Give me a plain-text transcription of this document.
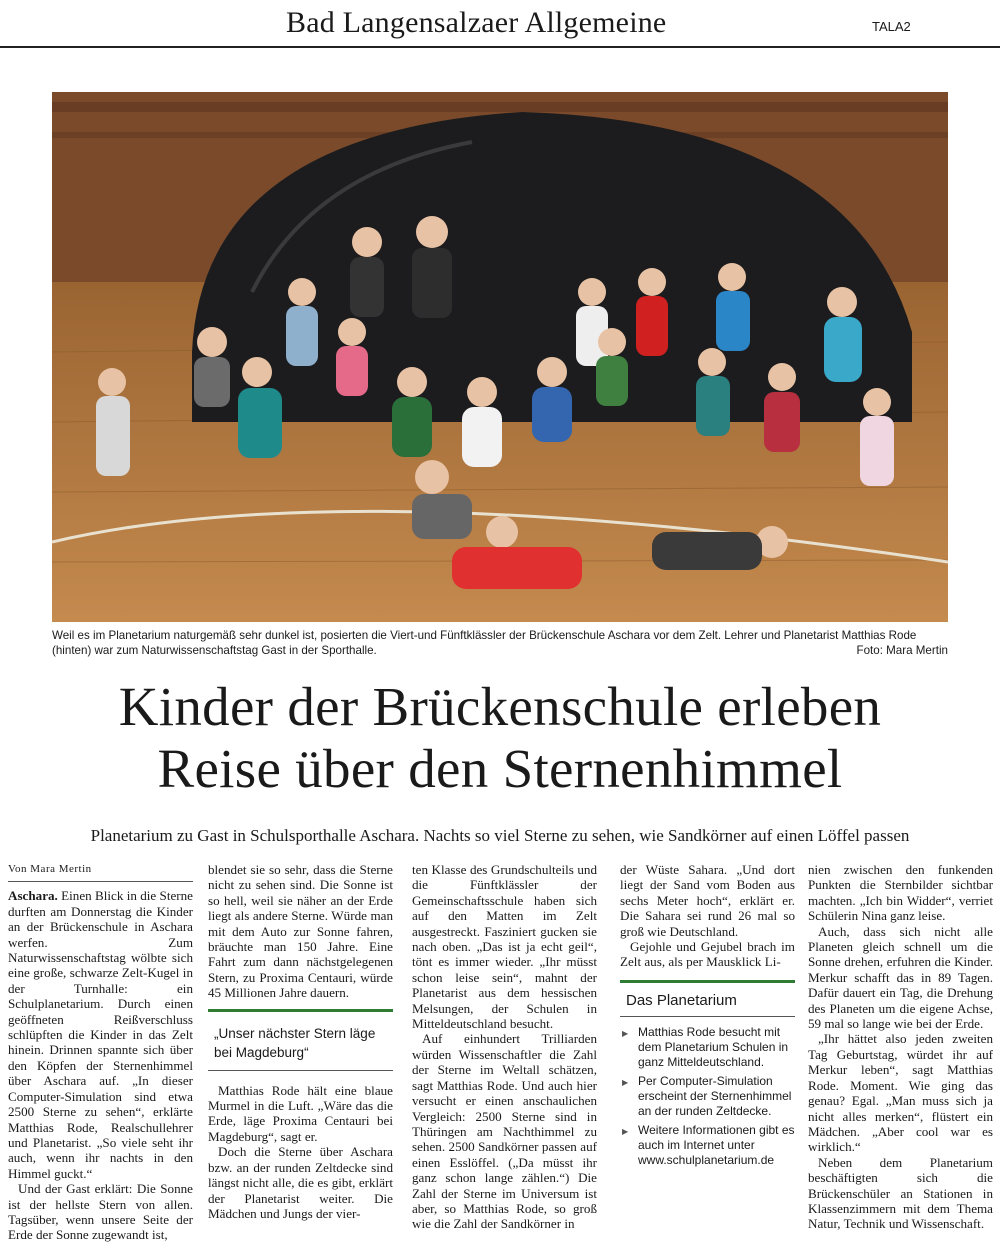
Bad Langensalzaer Allgemeine	TALA2
Weil es im Planetarium naturgemäß sehr dunkel ist, posierten die Viert-und Fünftklässler der Brückenschule Aschara vor dem Zelt. Lehrer und Planetarist Matthias Rode (hinten) war zum Naturwissenschaftstag Gast in der Sporthalle.	Foto: Mara Mertin
Kinder der Brückenschule erleben
Reise über den Sternenhimmel
Planetarium zu Gast in Schulsporthalle Aschara. Nachts so viel Sterne zu sehen, wie Sandkörner auf einen Löffel passen
Von Mara Mertin

Aschara. Einen Blick in die Sterne durften am Donnerstag die Kinder an der Brückenschule in Aschara werfen. Zum Naturwissenschaftstag wölbte sich eine große, schwarze Zelt-Kugel in der Turnhalle: ein Schulplanetarium. Durch einen geöffneten Reißverschluss schlüpften die Kinder in das Zelt hinein. Drinnen spannte sich über den Köpfen der Sternenhimmel über Aschara auf. „In dieser Computer-Simulation sind etwa 2500 Sterne zu sehen“, erklärte Matthias Rode, Realschullehrer und Planetarist. „So viele seht ihr auch, wenn ihr nachts in den Himmel guckt.“

Und der Gast erklärt: Die Sonne ist der hellste Stern von allen. Tagsüber, wenn unsere Seite der Erde der Sonne zugewandt ist,

blendet sie so sehr, dass die Sterne nicht zu sehen sind. Die Sonne ist so hell, weil sie näher an der Erde liegt als andere Sterne. Würde man mit dem Auto zur Sonne fahren, bräuchte man 150 Jahre. Eine Fahrt zum dann nächstgelegenen Stern, zu Proxima Centauri, würde 45 Millionen Jahre dauern.

„Unser nächster Stern läge bei Magdeburg“

Matthias Rode hält eine blaue Murmel in die Luft. „Wäre das die Erde, läge Proxima Centauri bei Magdeburg“, sagt er.

Doch die Sterne über Aschara bzw. an der runden Zeltdecke sind längst nicht alle, die es gibt, erklärt der Planetarist weiter. Die Mädchen und Jungs der vier-

ten Klasse des Grundschulteils und die Fünftklässler der Gemeinschaftsschule haben sich auf den Matten im Zelt ausgestreckt. Fasziniert gucken sie nach oben. „Das ist ja echt geil“, tönt es immer wieder. „Ihr müsst schon leise sein“, mahnt der Planetarist aus dem hessischen Melsungen, der Schulen in Mitteldeutschland besucht.

Auf einhundert Trilliarden würden Wissenschaftler die Zahl der Sterne im Weltall schätzen, sagt Matthias Rode. Und auch hier versucht er einen anschaulichen Vergleich: 2500 Sterne sind in Thüringen am Nachthimmel zu sehen. 2500 Sandkörner passen auf einen Esslöffel. („Da müsst ihr ganz schon lange zählen.“) Die Zahl der Sterne im Universum ist aber, so Matthias Rode, so groß wie die Zahl der Sandkörner in

der Wüste Sahara. „Und dort liegt der Sand vom Boden aus sechs Meter hoch“, erklärt er. Die Sahara sei rund 26 mal so groß wie Deutschland.

Gejohle und Gejubel brach im Zelt aus, als per Mausklick Li-

Das Planetarium
▶ Matthias Rode besucht mit dem Planetarium Schulen in ganz Mitteldeutschland.
▶ Per Computer-Simulation erscheint der Sternenhimmel an der runden Zeltdecke.
▶ Weitere Informationen gibt es auch im Internet unter www.schulplanetarium.de

nien zwischen den funkenden Punkten die Sternbilder sichtbar machten. „Ich bin Widder“, verriet Schülerin Nina ganz leise.

Auch, dass sich nicht alle Planeten gleich schnell um die Sonne drehen, erfuhren die Kinder. Merkur schafft das in 89 Tagen. Dafür dauert ein Tag, die Drehung des Planeten um die eigene Achse, 59 mal so lange wie bei der Erde.

„Ihr hättet also jeden zweiten Tag Geburtstag, würdet ihr auf Merkur leben“, sagt Matthias Rode. Moment. Wie ging das genau? Egal. „Man muss sich ja nicht alles merken“, flüstert ein Mädchen. „Aber cool war es wirklich.“

Neben dem Planetarium beschäftigten sich die Brückenschüler an Stationen in Klassenzimmern mit dem Thema Natur, Technik und Wissenschaft.
